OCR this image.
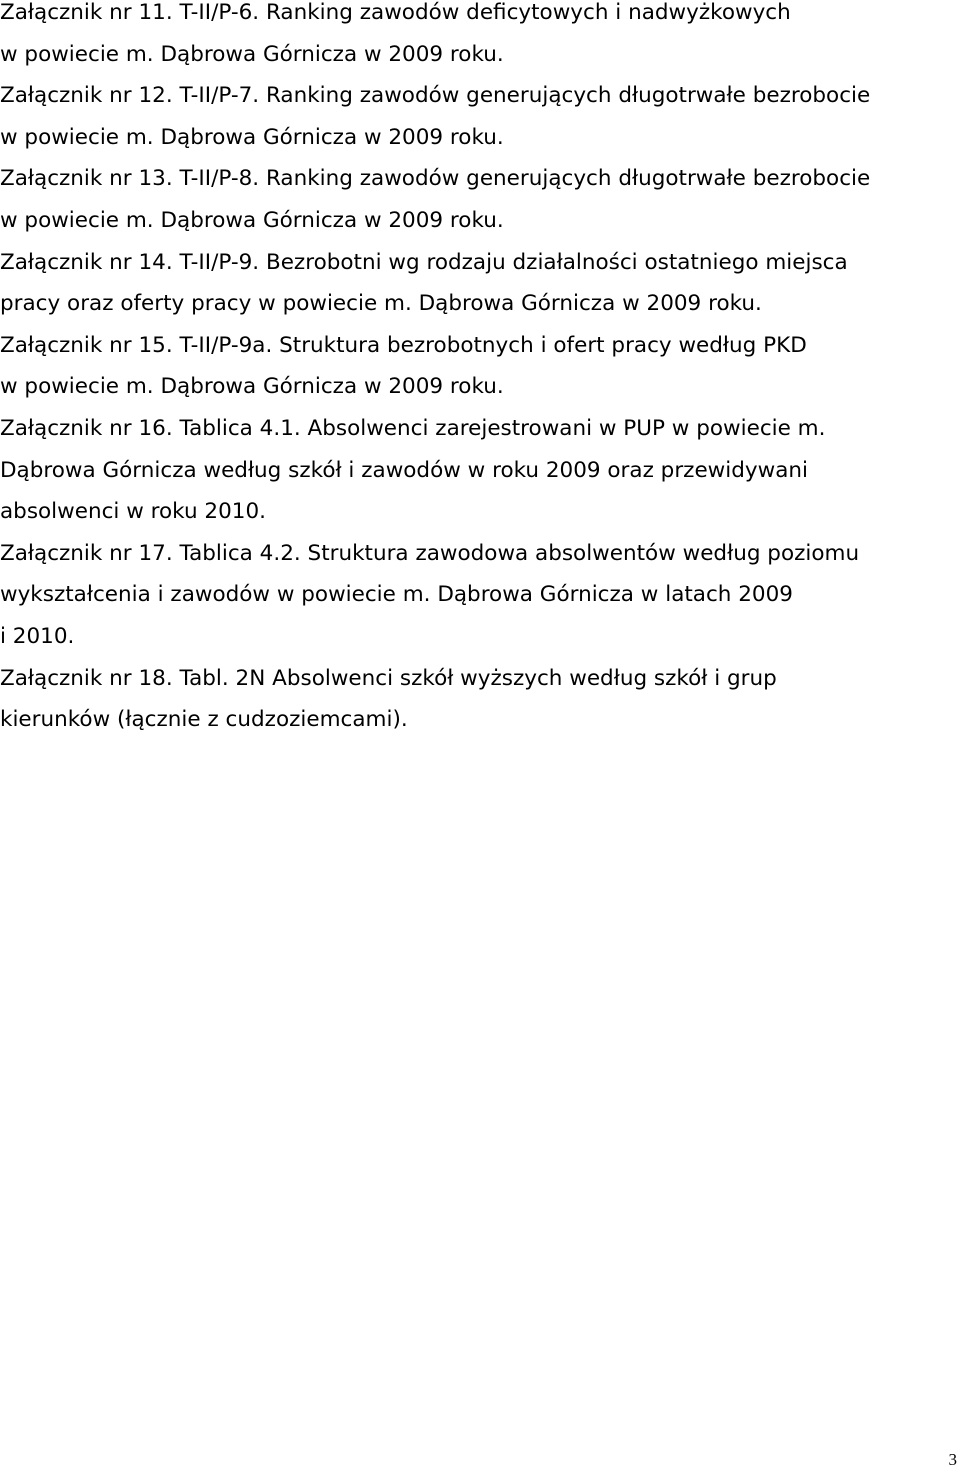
Załącznik nr 11. T-II/P-6. Ranking zawodów deficytowych i nadwyżkowych
w powiecie m. Dąbrowa Górnicza w 2009 roku.

Załącznik nr 12. T-II/P-7. Ranking zawodów generujących długotrwałe bezrobocie
w powiecie m. Dąbrowa Górnicza w 2009 roku.

Załącznik nr 13. T-II/P-8. Ranking zawodów generujących długotrwałe bezrobocie
w powiecie m. Dąbrowa Górnicza w 2009 roku.

Załącznik nr 14. T-II/P-9. Bezrobotni wg rodzaju działalności ostatniego miejsca
pracy oraz oferty pracy w powiecie m. Dąbrowa Górnicza w 2009 roku.

Załącznik nr 15. T-II/P-9a. Struktura bezrobotnych i ofert pracy według PKD
w powiecie m. Dąbrowa Górnicza w 2009 roku.

Załącznik nr 16. Tablica 4.1. Absolwenci zarejestrowani w PUP w powiecie m.
Dąbrowa Górnicza według szkół i zawodów w roku 2009 oraz przewidywani
absolwenci w roku 2010.

Załącznik nr 17. Tablica 4.2. Struktura zawodowa absolwentów według poziomu
wykształcenia i zawodów w powiecie m. Dąbrowa Górnicza w latach 2009
i 2010.

Załącznik nr 18. Tabl. 2N Absolwenci szkół wyższych według szkół i grup
kierunków (łącznie z cudzoziemcami).

3
